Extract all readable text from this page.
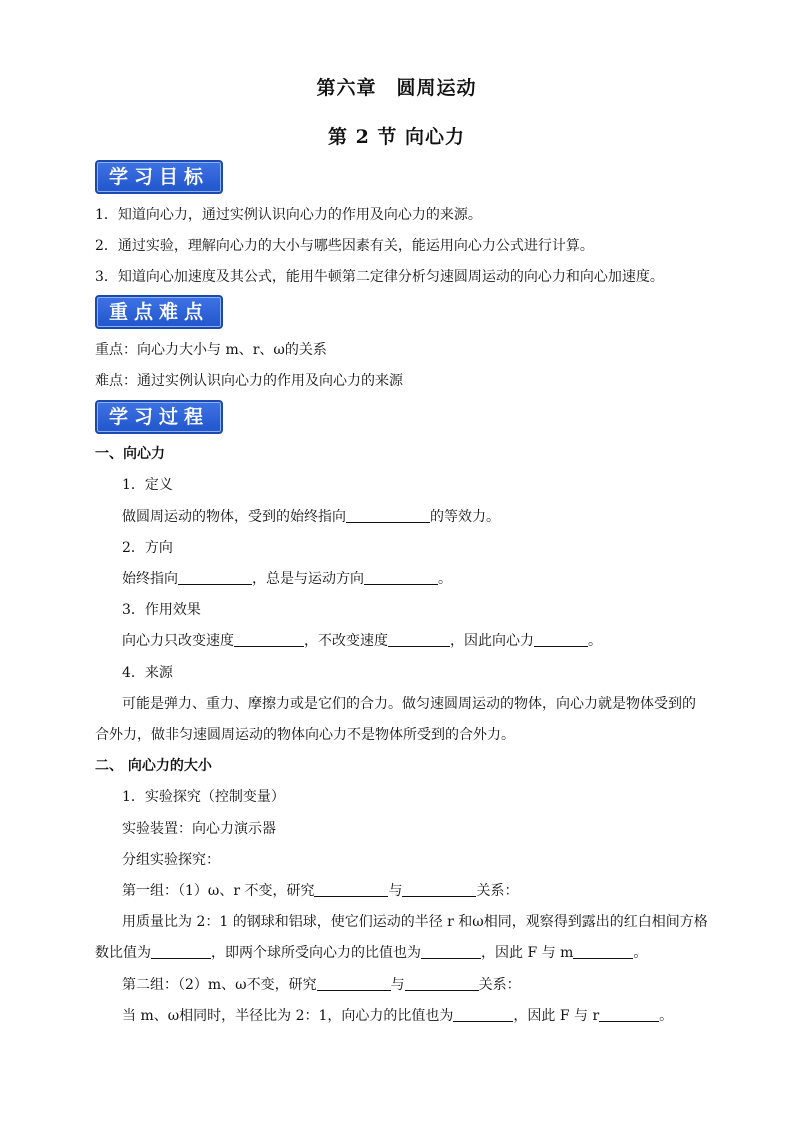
第六章　圆周运动
第 2 节 向心力
学习目标
1．知道向心力，通过实例认识向心力的作用及向心力的来源。
2．通过实验，理解向心力的大小与哪些因素有关，能运用向心力公式进行计算。
3．知道向心加速度及其公式，能用牛顿第二定律分析匀速圆周运动的向心力和向心加速度。
重点难点
重点：向心力大小与 m、r、ω的关系
难点：通过实例认识向心力的作用及向心力的来源
学习过程
一、向心力
1．定义
做圆周运动的物体，受到的始终指向	的等效力。
2．方向
始终指向	，总是与运动方向	。
3．作用效果
向心力只改变速度	，不改变速度	，因此向心力	。
4．来源
可能是弹力、重力、摩擦力或是它们的合力。做匀速圆周运动的物体，向心力就是物体受到的
合外力，做非匀速圆周运动的物体向心力不是物体所受到的合外力。
二、 向心力的大小
1．实验探究（控制变量）
实验装置：向心力演示器
分组实验探究：
第一组：（1）ω、r 不变，研究	与	关系：
用质量比为 2：1 的钢球和铝球，使它们运动的半径 r 和ω相同，观察得到露出的红白相间方格
数比值为	，即两个球所受向心力的比值也为	，因此 F 与 m	。
第二组：（2）m、ω不变，研究	与	关系：
当 m、ω相同时，半径比为 2：1，向心力的比值也为	，因此 F 与 r	。
